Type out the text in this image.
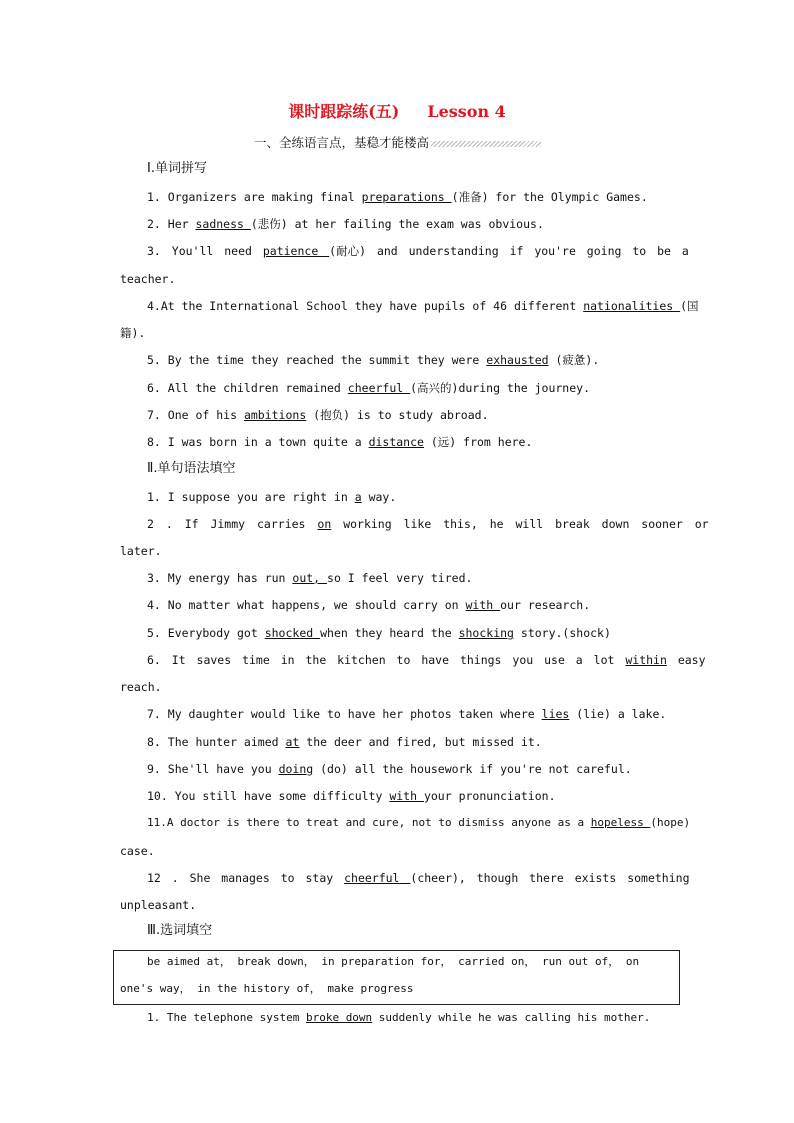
课时跟踪练(五) Lesson 4
一、全练语言点，基稳才能楼高
Ⅰ.单词拼写
1. Organizers are making final preparations (准备) for the Olympic Games.
2. Her sadness (悲伤) at her failing the exam was obvious.
3. You'll need patience (耐心) and understanding if you're going to be a
teacher.
4.At the International School they have pupils of 46 different nationalities (国
籍).
5. By the time they reached the summit they were exhausted (疲惫).
6. All the children remained cheerful (高兴的)during the journey.
7. One of his ambitions (抱负) is to study abroad.
8. I was born in a town quite a distance (远) from here.
Ⅱ.单句语法填空
1. I suppose you are right in a way.
2 . If Jimmy carries on working like this, he will break down sooner or
later.
3. My energy has run out, so I feel very tired.
4. No matter what happens, we should carry on with our research.
5. Everybody got shocked when they heard the shocking story.(shock)
6. It saves time in the kitchen to have things you use a lot within easy
reach.
7. My daughter would like to have her photos taken where lies (lie) a lake.
8. The hunter aimed at the deer and fired, but missed it.
9. She'll have you doing (do) all the housework if you're not careful.
10. You still have some difficulty with your pronunciation.
11.A doctor is there to treat and cure, not to dismiss anyone as a hopeless (hope)
case.
12 . She manages to stay cheerful (cheer), though there exists something
unpleasant.
Ⅲ.选词填空
be aimed at， break down， in preparation for， carried on， run out of， on
one's way， in the history of， make progress
1. The telephone system broke down suddenly while he was calling his mother.
